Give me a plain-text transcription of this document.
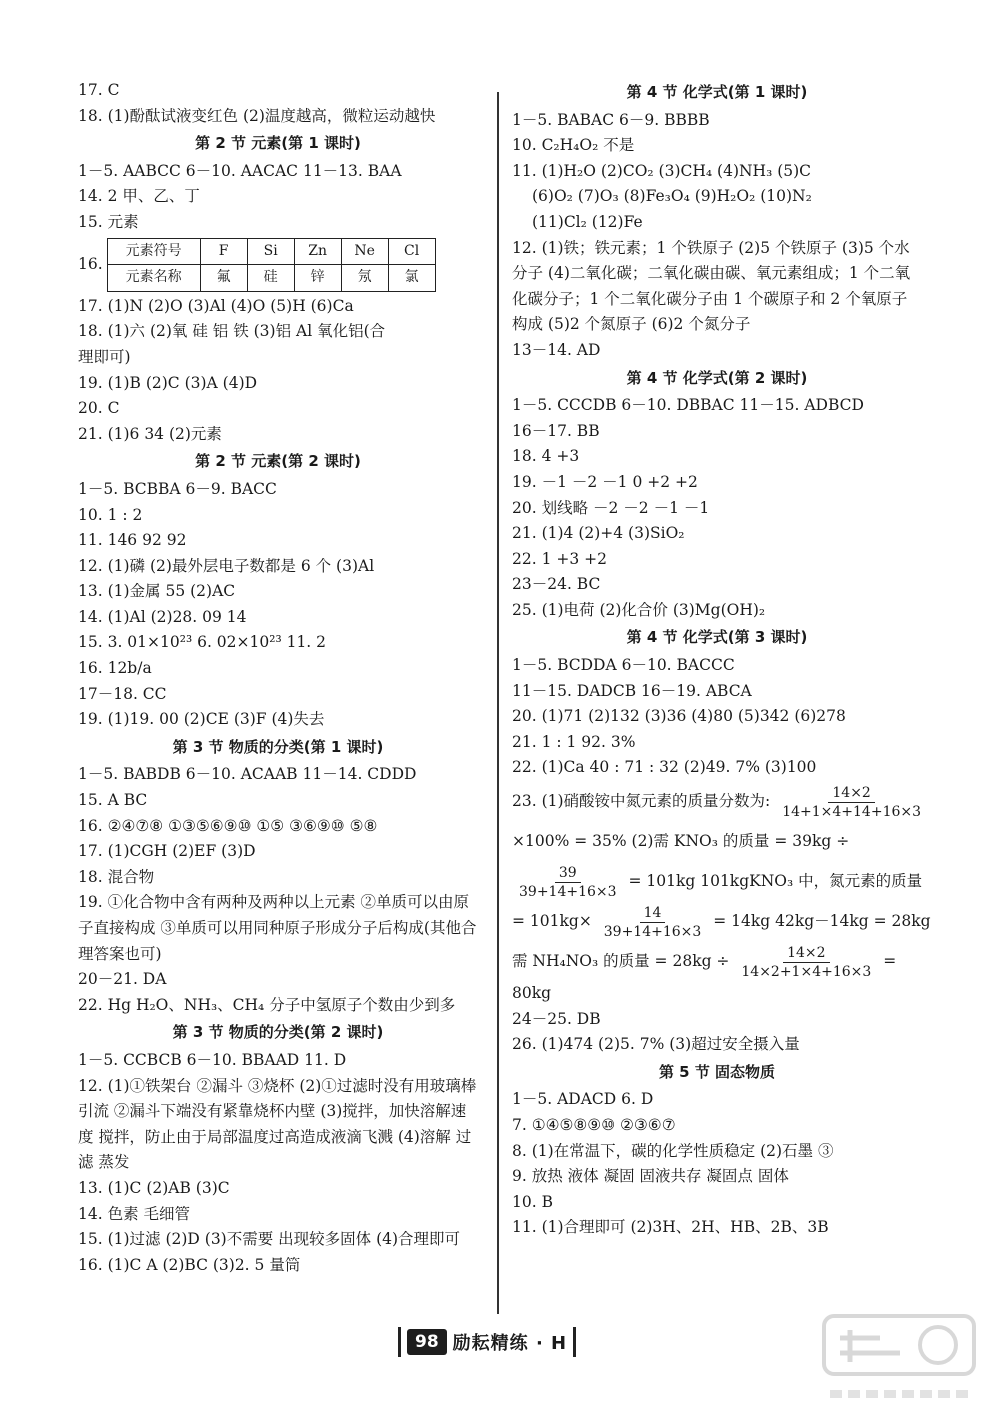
17. C
18. (1)酚酞试液变红色 (2)温度越高，微粒运动越快
第 2 节 元素(第 1 课时)
1－5. AABCC 6－10. AACAC 11－13. BAA
14. 2 甲、乙、丁
15. 元素
16.
元素符号	F	Si	Zn	Ne	Cl
元素名称	氟	硅	锌	氖	氯
17. (1)N (2)O (3)Al (4)O (5)H (6)Ca
18. (1)六 (2)氧 硅 铝 铁 (3)铝 Al 氧化铝(合
理即可)
19. (1)B (2)C (3)A (4)D
20. C
21. (1)6 34 (2)元素
第 2 节 元素(第 2 课时)
1－5. BCBBA 6－9. BACC
10. 1 : 2
11. 146 92 92
12. (1)磷 (2)最外层电子数都是 6 个 (3)Al
13. (1)金属 55 (2)AC
14. (1)Al (2)28. 09 14
15. 3. 01×10²³ 6. 02×10²³ 11. 2
16. 12b/a
17－18. CC
19. (1)19. 00 (2)CE (3)F (4)失去
第 3 节 物质的分类(第 1 课时)
1－5. BABDB 6－10. ACAAB 11－14. CDDD
15. A BC
16. ②④⑦⑧ ①③⑤⑥⑨⑩ ①⑤ ③⑥⑨⑩ ⑤⑧
17. (1)CGH (2)EF (3)D
18. 混合物
19. ①化合物中含有两种及两种以上元素 ②单质可以由原子直接构成 ③单质可以用同种原子形成分子后构成(其他合理答案也可)
20－21. DA
22. Hg H₂O、NH₃、CH₄ 分子中氢原子个数由少到多
第 3 节 物质的分类(第 2 课时)
1－5. CCBCB 6－10. BBAAD 11. D
12. (1)①铁架台 ②漏斗 ③烧杯 (2)①过滤时没有用玻璃棒引流 ②漏斗下端没有紧靠烧杯内壁 (3)搅拌，加快溶解速度 搅拌，防止由于局部温度过高造成液滴飞溅 (4)溶解 过滤 蒸发
13. (1)C (2)AB (3)C
14. 色素 毛细管
15. (1)过滤 (2)D (3)不需要 出现较多固体 (4)合理即可
16. (1)C A (2)BC (3)2. 5 量筒
第 4 节 化学式(第 1 课时)
1－5. BABAC 6－9. BBBB
10. C₂H₄O₂ 不是
11. (1)H₂O (2)CO₂ (3)CH₄ (4)NH₃ (5)C
(6)O₂ (7)O₃ (8)Fe₃O₄ (9)H₂O₂ (10)N₂
(11)Cl₂ (12)Fe
12. (1)铁；铁元素；1 个铁原子 (2)5 个铁原子 (3)5 个水分子 (4)二氧化碳；二氧化碳由碳、氧元素组成；1 个二氧化碳分子；1 个二氧化碳分子由 1 个碳原子和 2 个氧原子构成 (5)2 个氮原子 (6)2 个氮分子
13－14. AD
第 4 节 化学式(第 2 课时)
1－5. CCCDB 6－10. DBBAC 11－15. ADBCD
16－17. BB
18. 4 +3
19. －1 －2 －1 0 +2 +2
20. 划线略 －2 －2 －1 －1
21. (1)4 (2)+4 (3)SiO₂
22. 1 +3 +2
23－24. BC
25. (1)电荷 (2)化合价 (3)Mg(OH)₂
第 4 节 化学式(第 3 课时)
1－5. BCDDA 6－10. BACCC
11－15. DADCB 16－19. ABCA
20. (1)71 (2)132 (3)36 (4)80 (5)342 (6)278
21. 1 : 1 92. 3%
22. (1)Ca 40 : 71 : 32 (2)49. 7% (3)100
23. (1)硝酸铵中氮元素的质量分数为: $\frac{14\times 2}{14+1\times 4+14+16\times 3}$
×100% = 35% (2)需 KNO₃ 的质量 = 39kg ÷
$\frac{39}{39+14+16\times 3} = 101kg$ 101kgKNO₃ 中，氮元素的质量
= $101kg\times \frac{14}{39+14+16\times 3} = 14kg$ 42kg－14kg = 28kg
需 NH₄NO₃ 的质量 = $28kg \div \frac{14\times 2}{14\times 2+1\times 4+16\times 3}$ =
80kg
24－25. DB
26. (1)474 (2)5. 7% (3)超过安全摄入量
第 5 节 固态物质
1－5. ADACD 6. D
7. ①④⑤⑧⑨⑩ ②③⑥⑦
8. (1)在常温下，碳的化学性质稳定 (2)石墨 ③
9. 放热 液体 凝固 固液共存 凝固点 固体
10. B
11. (1)合理即可 (2)3H、2H、HB、2B、3B
98 励耘精练 · H
